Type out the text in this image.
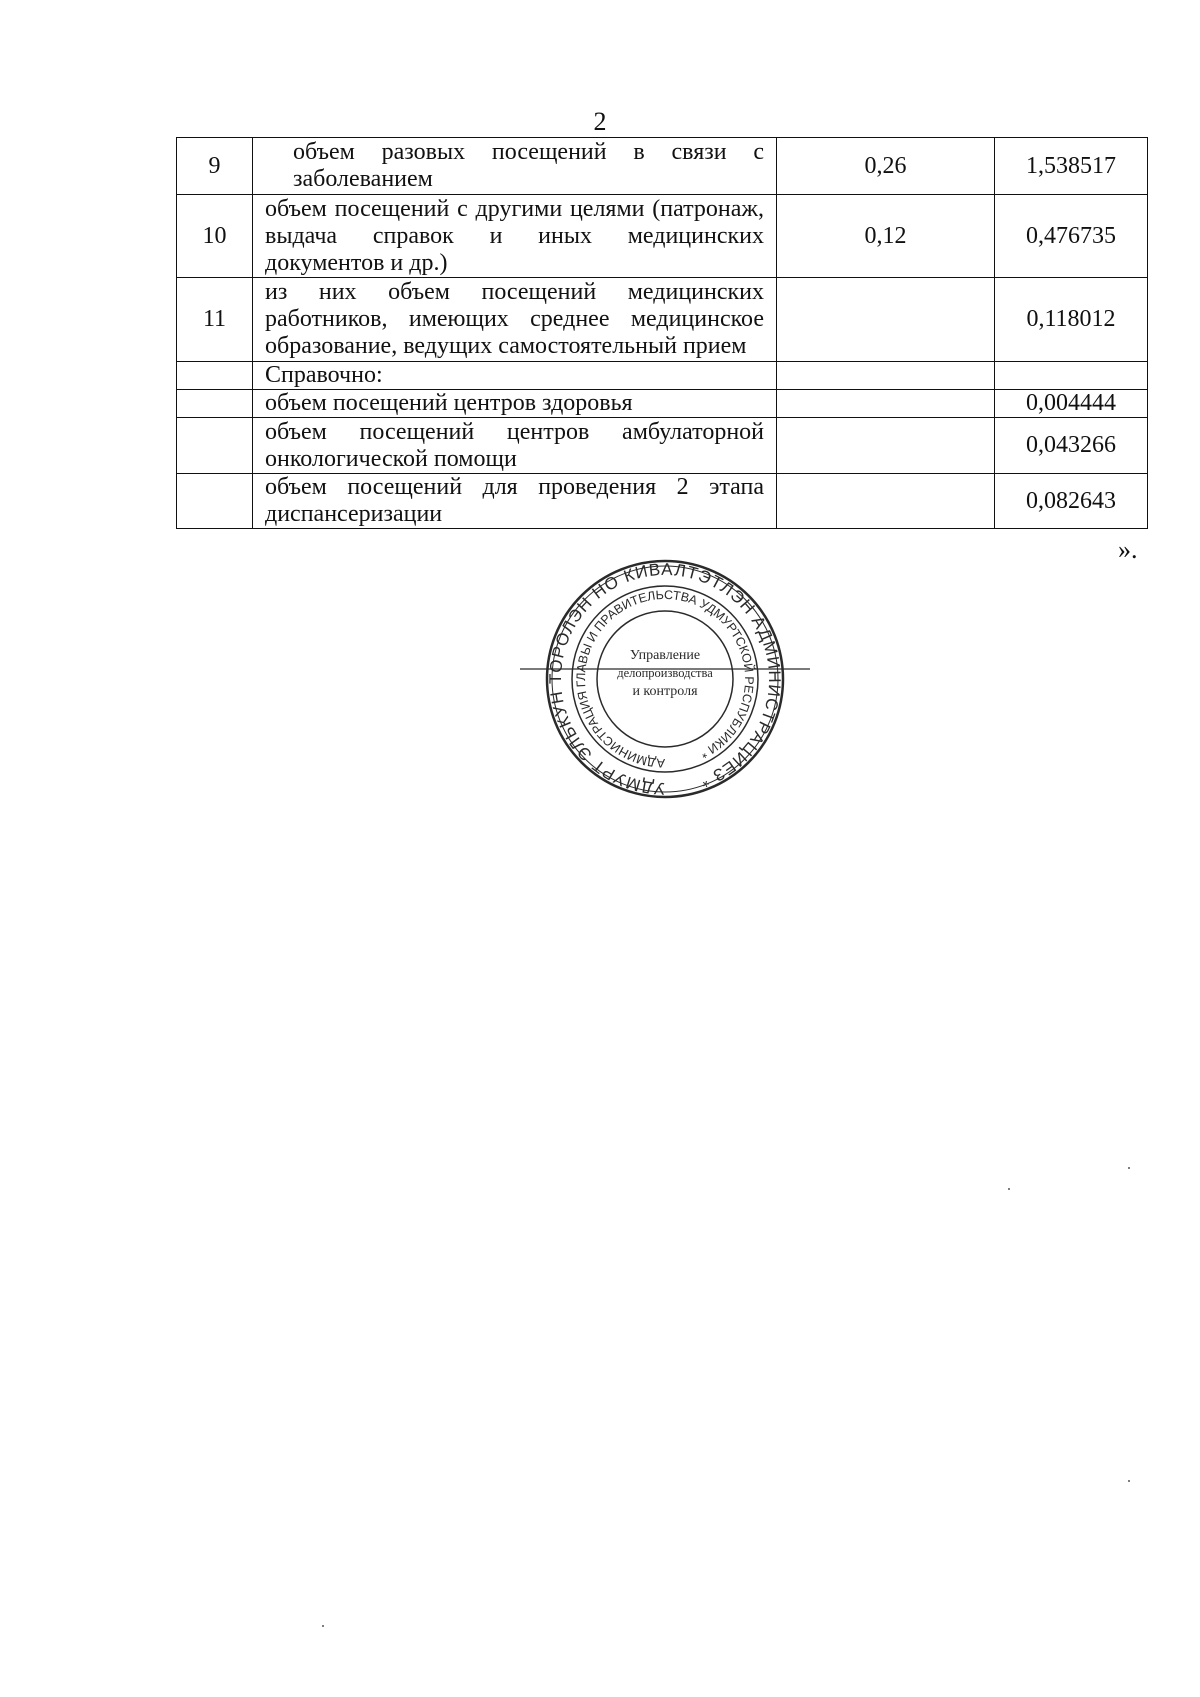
2
9	объем разовых посещений в связи с заболеванием	0,26	1,538517
10	объем посещений с другими целями (патронаж, выдача справок и иных медицинских документов и др.)	0,12	0,476735
11	из них объем посещений медицинских работников, имеющих среднее медицинское образование, ведущих самостоятельный прием		0,118012
	Справочно:		
	объем посещений центров здоровья		0,004444
	объем посещений центров амбулаторной онкологической помощи		0,043266
	объем посещений для проведения 2 этапа диспансеризации		0,082643
».
УДМУРТ ЭЛЬКУН ТОРОЛЭН НО КИВАЛТЭТЛЭН АДМИНИСТРАЦИЕЗ *
АДМИНИСТРАЦИЯ ГЛАВЫ И ПРАВИТЕЛЬСТВА УДМУРТСКОЙ РЕСПУБЛИКИ *
Управление
делопроизводства
и контроля
